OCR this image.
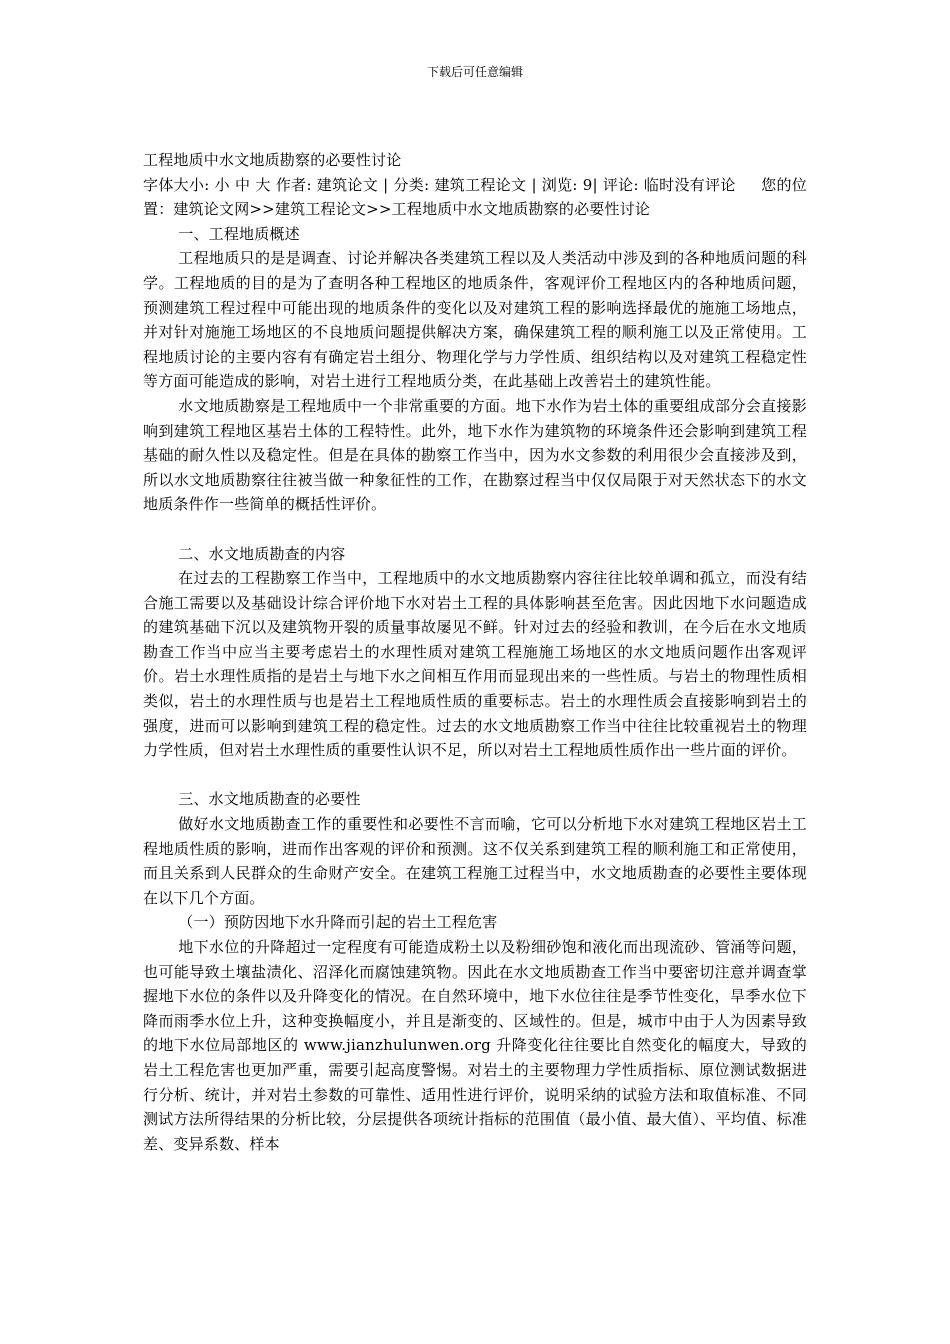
下载后可任意编辑

工程地质中水文地质勘察的必要性讨论

字体大小: 小 中 大 作者: 建筑论文 | 分类: 建筑工程论文 | 浏览: 9| 评论: 临时没有评论     您的位置：建筑论文网>>建筑工程论文>>工程地质中水文地质勘察的必要性讨论

一、工程地质概述

工程地质只的是是调查、讨论并解决各类建筑工程以及人类活动中涉及到的各种地质问题的科学。工程地质的目的是为了查明各种工程地区的地质条件，客观评价工程地区内的各种地质问题，预测建筑工程过程中可能出现的地质条件的变化以及对建筑工程的影响选择最优的施施工场地点，并对针对施施工场地区的不良地质问题提供解决方案，确保建筑工程的顺利施工以及正常使用。工程地质讨论的主要内容有有确定岩土组分、物理化学与力学性质、组织结构以及对建筑工程稳定性等方面可能造成的影响，对岩土进行工程地质分类，在此基础上改善岩土的建筑性能。

水文地质勘察是工程地质中一个非常重要的方面。地下水作为岩土体的重要组成部分会直接影响到建筑工程地区基岩土体的工程特性。此外，地下水作为建筑物的环境条件还会影响到建筑工程基础的耐久性以及稳定性。但是在具体的勘察工作当中，因为水文参数的利用很少会直接涉及到，所以水文地质勘察往往被当做一种象征性的工作，在勘察过程当中仅仅局限于对天然状态下的水文地质条件作一些简单的概括性评价。

二、水文地质勘查的内容

在过去的工程勘察工作当中，工程地质中的水文地质勘察内容往往比较单调和孤立，而没有结合施工需要以及基础设计综合评价地下水对岩土工程的具体影响甚至危害。因此因地下水问题造成的建筑基础下沉以及建筑物开裂的质量事故屡见不鲜。针对过去的经验和教训，在今后在水文地质勘查工作当中应当主要考虑岩土的水理性质对建筑工程施施工场地区的水文地质问题作出客观评价。岩土水理性质指的是岩土与地下水之间相互作用而显现出来的一些性质。与岩土的物理性质相类似，岩土的水理性质与也是岩土工程地质性质的重要标志。岩土的水理性质会直接影响到岩土的强度，进而可以影响到建筑工程的稳定性。过去的水文地质勘察工作当中往往比较重视岩土的物理力学性质，但对岩土水理性质的重要性认识不足，所以对岩土工程地质性质作出一些片面的评价。

三、水文地质勘查的必要性

做好水文地质勘查工作的重要性和必要性不言而喻，它可以分析地下水对建筑工程地区岩土工程地质性质的影响，进而作出客观的评价和预测。这不仅关系到建筑工程的顺利施工和正常使用，而且关系到人民群众的生命财产安全。在建筑工程施工过程当中，水文地质勘查的必要性主要体现在以下几个方面。

（一）预防因地下水升降而引起的岩土工程危害

地下水位的升降超过一定程度有可能造成粉土以及粉细砂饱和液化而出现流砂、管涌等问题，也可能导致土壤盐渍化、沼泽化而腐蚀建筑物。因此在水文地质勘查工作当中要密切注意并调查掌握地下水位的条件以及升降变化的情况。在自然环境中，地下水位往往是季节性变化，旱季水位下降而雨季水位上升，这种变换幅度小，并且是渐变的、区域性的。但是，城市中由于人为因素导致的地下水位局部地区的 www.jianzhulunwen.org 升降变化往往要比自然变化的幅度大，导致的岩土工程危害也更加严重，需要引起高度警惕。对岩土的主要物理力学性质指标、原位测试数据进行分析、统计，并对岩土参数的可靠性、适用性进行评价，说明采纳的试验方法和取值标准、不同测试方法所得结果的分析比较，分层提供各项统计指标的范围值（最小值、最大值）、平均值、标准差、变异系数、样本
